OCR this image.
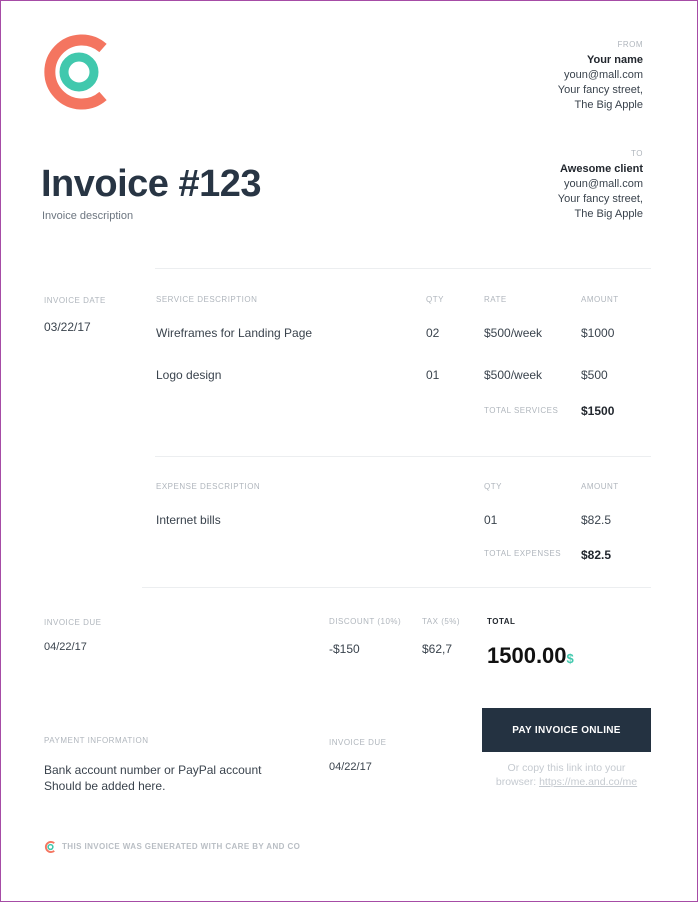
FROM
Your name
youn@mall.com
Your fancy street,
The Big Apple
TO
Awesome client
youn@mall.com
Your fancy street,
The Big Apple
Invoice #123
Invoice description
INVOICE DATE
03/22/17
SERVICE DESCRIPTION	QTY	RATE	AMOUNT
Wireframes for Landing Page	02	$500/week	$1000
Logo design	01	$500/week	$500
TOTAL SERVICES $1500
EXPENSE DESCRIPTION	QTY	AMOUNT
Internet bills	01	$82.5
TOTAL EXPENSES $82.5
INVOICE DUE
04/22/17
DISCOUNT (10%)
-$150
TAX (5%)
$62,7
TOTAL
1500.00$
PAYMENT INFORMATION
Bank account number or PayPal account
Should be added here.
INVOICE DUE
04/22/17
PAY INVOICE ONLINE
Or copy this link into your
browser: https://me.and.co/me
THIS INVOICE WAS GENERATED WITH CARE BY AND CO
